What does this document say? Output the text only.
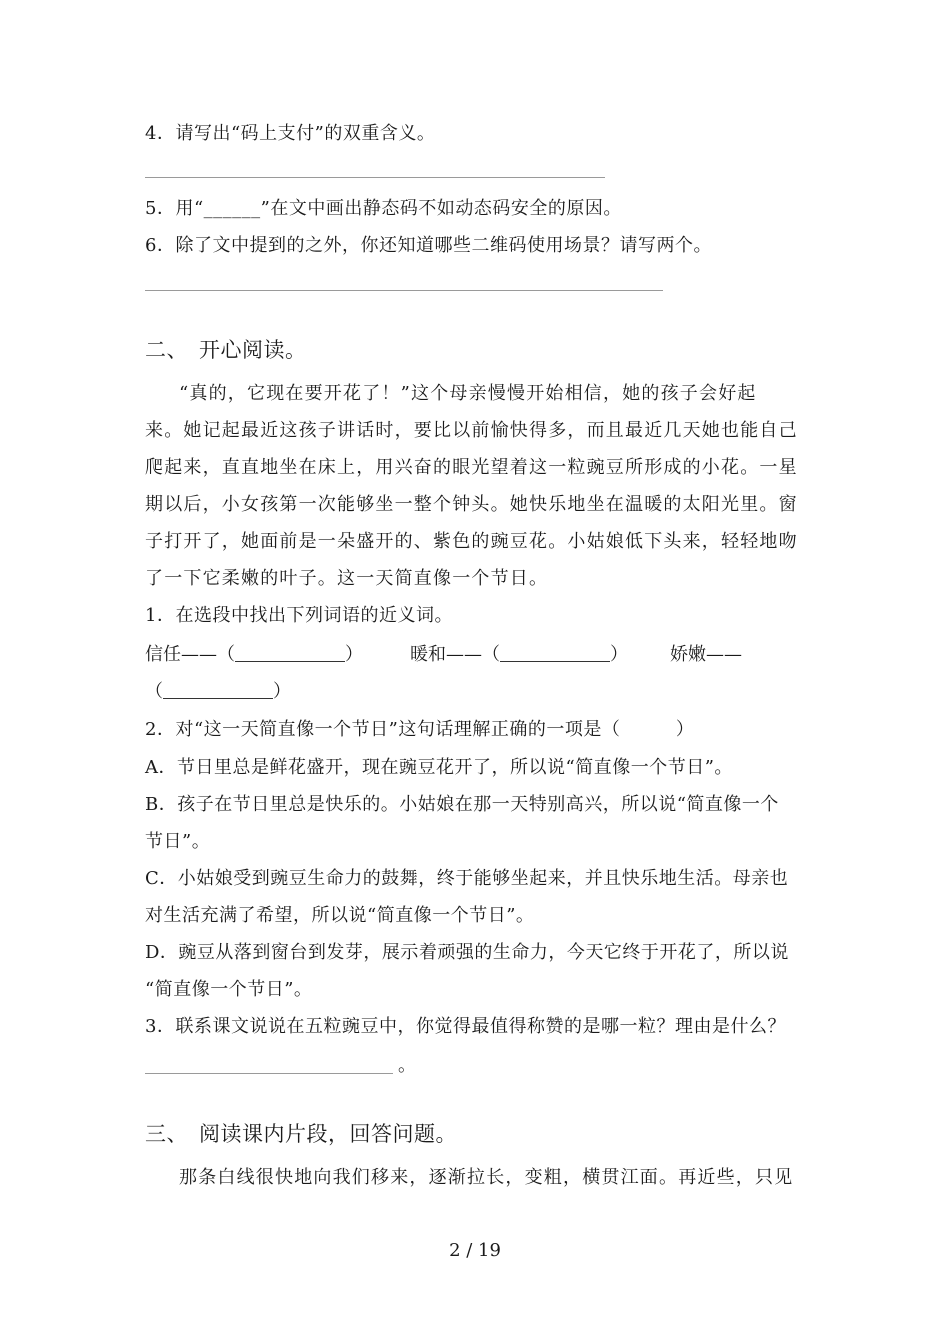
4．请写出“码上支付”的双重含义。
5．用“______”在文中画出静态码不如动态码安全的原因。
6．除了文中提到的之外，你还知道哪些二维码使用场景？请写两个。
二、　开心阅读。
“真的，它现在要开花了！”这个母亲慢慢开始相信，她的孩子会好起
来。她记起最近这孩子讲话时，要比以前愉快得多，而且最近几天她也能自己
爬起来，直直地坐在床上，用兴奋的眼光望着这一粒豌豆所形成的小花。一星
期以后，小女孩第一次能够坐一整个钟头。她快乐地坐在温暖的太阳光里。窗
子打开了，她面前是一朵盛开的、紫色的豌豆花。小姑娘低下头来，轻轻地吻
了一下它柔嫩的叶子。这一天简直像一个节日。
1．在选段中找出下列词语的近义词。
信任——（	）	暖和——（	） 娇嫩——
（	）
2．对“这一天简直像一个节日”这句话理解正确的一项是（　　　）
A．节日里总是鲜花盛开，现在豌豆花开了，所以说“简直像一个节日”。
B．孩子在节日里总是快乐的。小姑娘在那一天特别高兴，所以说“简直像一个
节日”。
C．小姑娘受到豌豆生命力的鼓舞，终于能够坐起来，并且快乐地生活。母亲也
对生活充满了希望，所以说“简直像一个节日”。
D．豌豆从落到窗台到发芽，展示着顽强的生命力，今天它终于开花了，所以说
“简直像一个节日”。
3．联系课文说说在五粒豌豆中，你觉得最值得称赞的是哪一粒？理由是什么？
。
三、　阅读课内片段，回答问题。
那条白线很快地向我们移来，逐渐拉长，变粗，横贯江面。再近些，只见
2 / 19
